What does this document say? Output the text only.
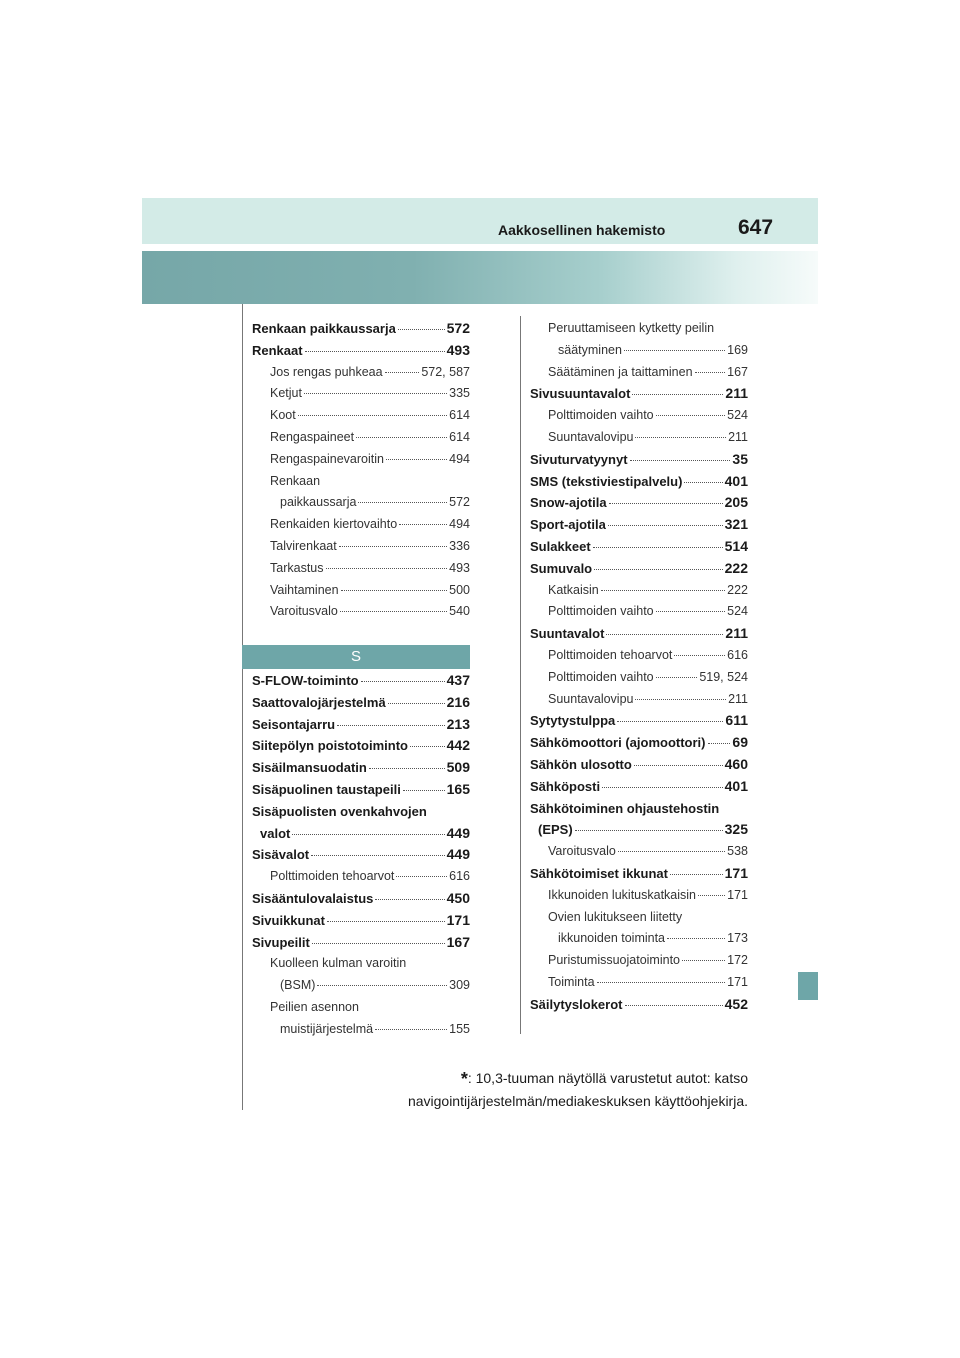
Aakkosellinen hakemisto	647
Renkaan paikkaussarja	572
Renkaat	493
Jos rengas puhkeaa	572, 587
Ketjut	335
Koot	614
Rengaspaineet	614
Rengaspainevaroitin	494
Renkaan
paikkaussarja	572
Renkaiden kiertovaihto	494
Talvirenkaat	336
Tarkastus	493
Vaihtaminen	500
Varoitusvalo	540
S
S-FLOW-toiminto	437
Saattovalojärjestelmä	216
Seisontajarru	213
Siitepölyn poistotoiminto	442
Sisäilmansuodatin	509
Sisäpuolinen taustapeili	165
Sisäpuolisten ovenkahvojen
valot	449
Sisävalot	449
Polttimoiden tehoarvot	616
Sisääntulovalaistus	450
Sivuikkunat	171
Sivupeilit	167
Kuolleen kulman varoitin
(BSM)	309
Peilien asennon
muistijärjestelmä	155
Peruuttamiseen kytketty peilin
säätyminen	169
Säätäminen ja taittaminen	167
Sivusuuntavalot	211
Polttimoiden vaihto	524
Suuntavalovipu	211
Sivuturvatyynyt	35
SMS (tekstiviestipalvelu)	401
Snow-ajotila	205
Sport-ajotila	321
Sulakkeet	514
Sumuvalo	222
Katkaisin	222
Polttimoiden vaihto	524
Suuntavalot	211
Polttimoiden tehoarvot	616
Polttimoiden vaihto	519, 524
Suuntavalovipu	211
Sytytystulppa	611
Sähkömoottori (ajomoottori) 69
Sähkön ulosotto	460
Sähköposti	401
Sähkötoiminen ohjaustehostin
(EPS)	325
Varoitusvalo	538
Sähkötoimiset ikkunat	171
Ikkunoiden lukituskatkaisin 171
Ovien lukitukseen liitetty
ikkunoiden toiminta	173
Puristumissuojatoiminto	172
Toiminta	171
Säilytyslokerot	452
*: 10,3-tuuman näytöllä varustetut autot: katso
navigointijärjestelmän/mediakeskuksen käyttöohjekirja.
